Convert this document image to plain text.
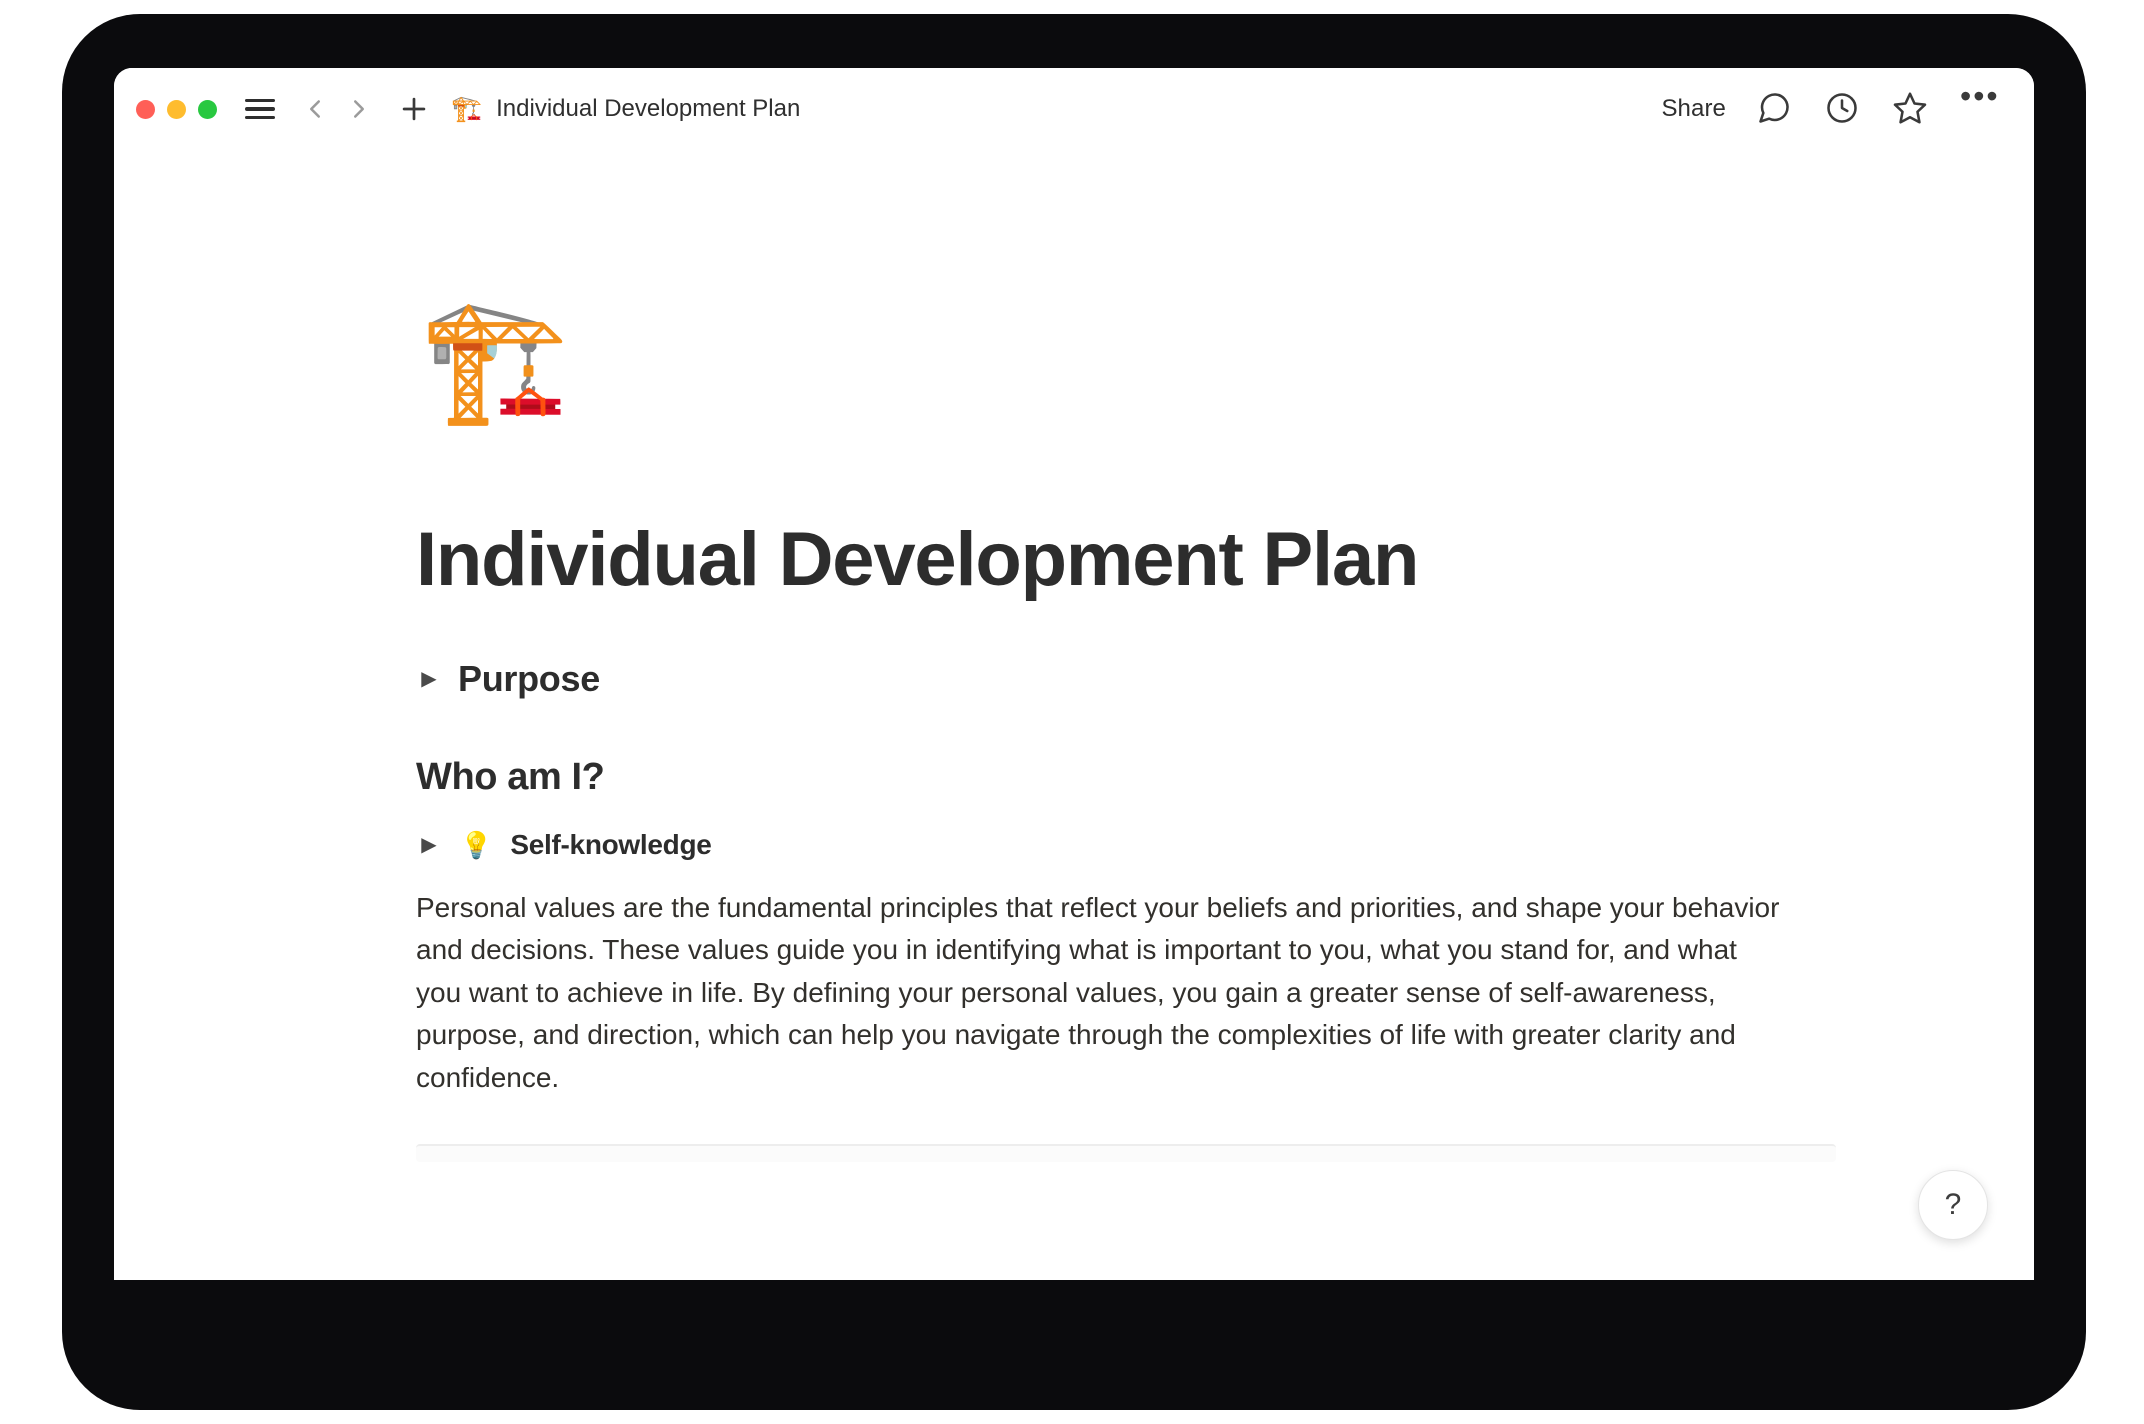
🏗️ Individual Development Plan	Share	•••
🏗️
Individual Development Plan
▶ Purpose
Who am I?
▶ 💡 Self-knowledge

Personal values are the fundamental principles that reflect your beliefs and priorities, and shape your behavior and decisions. These values guide you in identifying what is important to you, what you stand for, and what you want to achieve in life. By defining your personal values, you gain a greater sense of self-awareness, purpose, and direction, which can help you navigate through the complexities of life with greater clarity and confidence.

?
